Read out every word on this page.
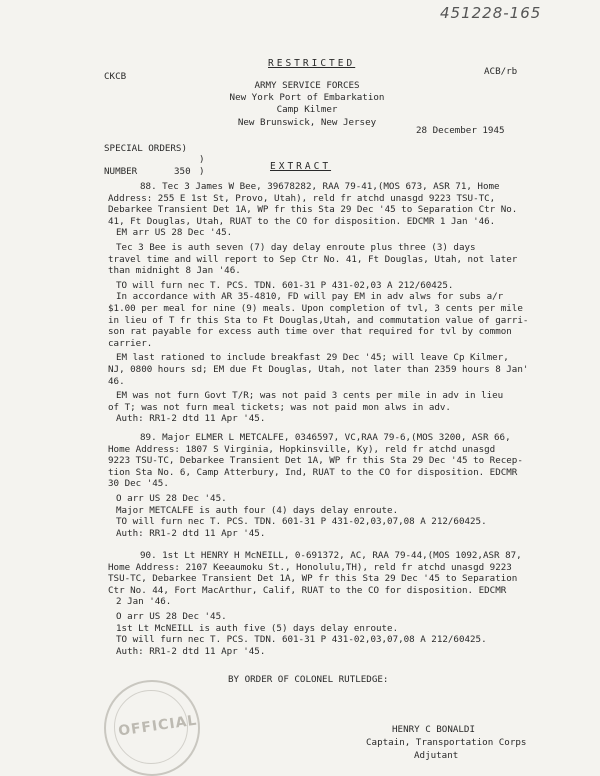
451228-165
CKCB	ACB/rb
RESTRICTED
ARMY SERVICE FORCES
New York Port of Embarkation
Camp Kilmer
New Brunswick, New Jersey
28 December 1945
SPECIAL ORDERS)
NUMBER	350
)
)	EXTRACT
88. Tec 3 James W Bee, 39678282, RAA 79-41,(MOS 673, ASR 71, Home
Address: 255 E 1st St, Provo, Utah), reld fr atchd unasgd 9223 TSU-TC,
Debarkee Transient Det 1A, WP fr this Sta 29 Dec '45 to Separation Ctr No.
41, Ft Douglas, Utah, RUAT to the CO for disposition. EDCMR 1 Jan '46.
EM arr US 28 Dec '45.
Tec 3 Bee is auth seven (7) day delay enroute plus three (3) days
travel time and will report to Sep Ctr No. 41, Ft Douglas, Utah, not later
than midnight 8 Jan '46.
TO will furn nec T. PCS. TDN. 601-31 P 431-02,03 A 212/60425.
In accordance with AR 35-4810, FD will pay EM in adv alws for subs a/r
$1.00 per meal for nine (9) meals. Upon completion of tvl, 3 cents per mile
in lieu of T fr this Sta to Ft Douglas,Utah, and commutation value of garri-
son rat payable for excess auth time over that required for tvl by common
carrier.
EM last rationed to include breakfast 29 Dec '45; will leave Cp Kilmer,
NJ, 0800 hours sd; EM due Ft Douglas, Utah, not later than 2359 hours 8 Jan'
46.
EM was not furn Govt T/R; was not paid 3 cents per mile in adv in lieu
of T; was not furn meal tickets; was not paid mon alws in adv.
Auth: RR1-2 dtd 11 Apr '45.
89. Major ELMER L METCALFE, 0346597, VC,RAA 79-6,(MOS 3200, ASR 66,
Home Address: 1807 S Virginia, Hopkinsville, Ky), reld fr atchd unasgd
9223 TSU-TC, Debarkee Transient Det 1A, WP fr this Sta 29 Dec '45 to Recep-
tion Sta No. 6, Camp Atterbury, Ind, RUAT to the CO for disposition. EDCMR
30 Dec '45.
O arr US 28 Dec '45.
Major METCALFE is auth four (4) days delay enroute.
TO will furn nec T. PCS. TDN. 601-31 P 431-02,03,07,08 A 212/60425.
Auth: RR1-2 dtd 11 Apr '45.
90. 1st Lt HENRY H McNEILL, 0-691372, AC, RAA 79-44,(MOS 1092,ASR 87,
Home Address: 2107 Keeaumoku St., Honolulu,TH), reld fr atchd unasgd 9223
TSU-TC, Debarkee Transient Det 1A, WP fr this Sta 29 Dec '45 to Separation
Ctr No. 44, Fort MacArthur, Calif, RUAT to the CO for disposition. EDCMR
2 Jan '46.
O arr US 28 Dec '45.
1st Lt McNEILL is auth five (5) days delay enroute.
TO will furn nec T. PCS. TDN. 601-31 P 431-02,03,07,08 A 212/60425.
Auth: RR1-2 dtd 11 Apr '45.
BY ORDER OF COLONEL RUTLEDGE:
OFFICIAL	HENRY C BONALDI
Captain, Transportation Corps
Adjutant
